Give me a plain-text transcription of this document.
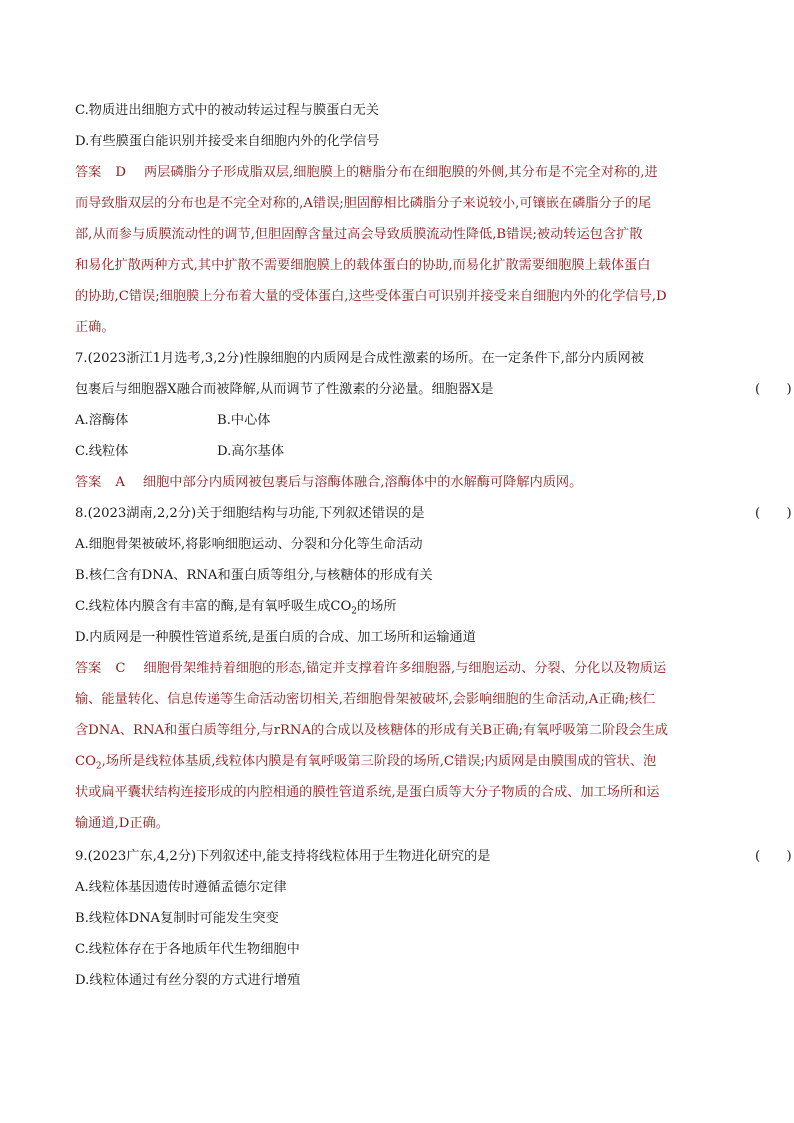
C.物质进出细胞方式中的被动转运过程与膜蛋白无关
D.有些膜蛋白能识别并接受来自细胞内外的化学信号
答案 D 两层磷脂分子形成脂双层,细胞膜上的糖脂分布在细胞膜的外侧,其分布是不完全对称的,进
而导致脂双层的分布也是不完全对称的,A错误;胆固醇相比磷脂分子来说较小,可镶嵌在磷脂分子的尾
部,从而参与质膜流动性的调节,但胆固醇含量过高会导致质膜流动性降低,B错误;被动转运包含扩散
和易化扩散两种方式,其中扩散不需要细胞膜上的载体蛋白的协助,而易化扩散需要细胞膜上载体蛋白
的协助,C错误;细胞膜上分布着大量的受体蛋白,这些受体蛋白可识别并接受来自细胞内外的化学信号,D
正确。
7.(2023浙江1月选考,3,2分)性腺细胞的内质网是合成性激素的场所。在一定条件下,部分内质网被
包裹后与细胞器X融合而被降解,从而调节了性激素的分泌量。细胞器X是	(　　)
A.溶酶体	B.中心体
C.线粒体	D.高尔基体
答案 A 细胞中部分内质网被包裹后与溶酶体融合,溶酶体中的水解酶可降解内质网。
8.(2023湖南,2,2分)关于细胞结构与功能,下列叙述错误的是	(　　)
A.细胞骨架被破坏,将影响细胞运动、分裂和分化等生命活动
B.核仁含有DNA、RNA和蛋白质等组分,与核糖体的形成有关
C.线粒体内膜含有丰富的酶,是有氧呼吸生成$CO_2$的场所
D.内质网是一种膜性管道系统,是蛋白质的合成、加工场所和运输通道
答案 C 细胞骨架维持着细胞的形态,锚定并支撑着许多细胞器,与细胞运动、分裂、分化以及物质运
输、能量转化、信息传递等生命活动密切相关,若细胞骨架被破坏,会影响细胞的生命活动,A正确;核仁
含DNA、RNA和蛋白质等组分,与rRNA的合成以及核糖体的形成有关B正确;有氧呼吸第二阶段会生成
$CO_2$,场所是线粒体基质,线粒体内膜是有氧呼吸第三阶段的场所,C错误;内质网是由膜围成的管状、泡
状或扁平囊状结构连接形成的内腔相通的膜性管道系统,是蛋白质等大分子物质的合成、加工场所和运
输通道,D正确。
9.(2023广东,4,2分)下列叙述中,能支持将线粒体用于生物进化研究的是	(　　)
A.线粒体基因遗传时遵循孟德尔定律
B.线粒体DNA复制时可能发生突变
C.线粒体存在于各地质年代生物细胞中
D.线粒体通过有丝分裂的方式进行增殖
